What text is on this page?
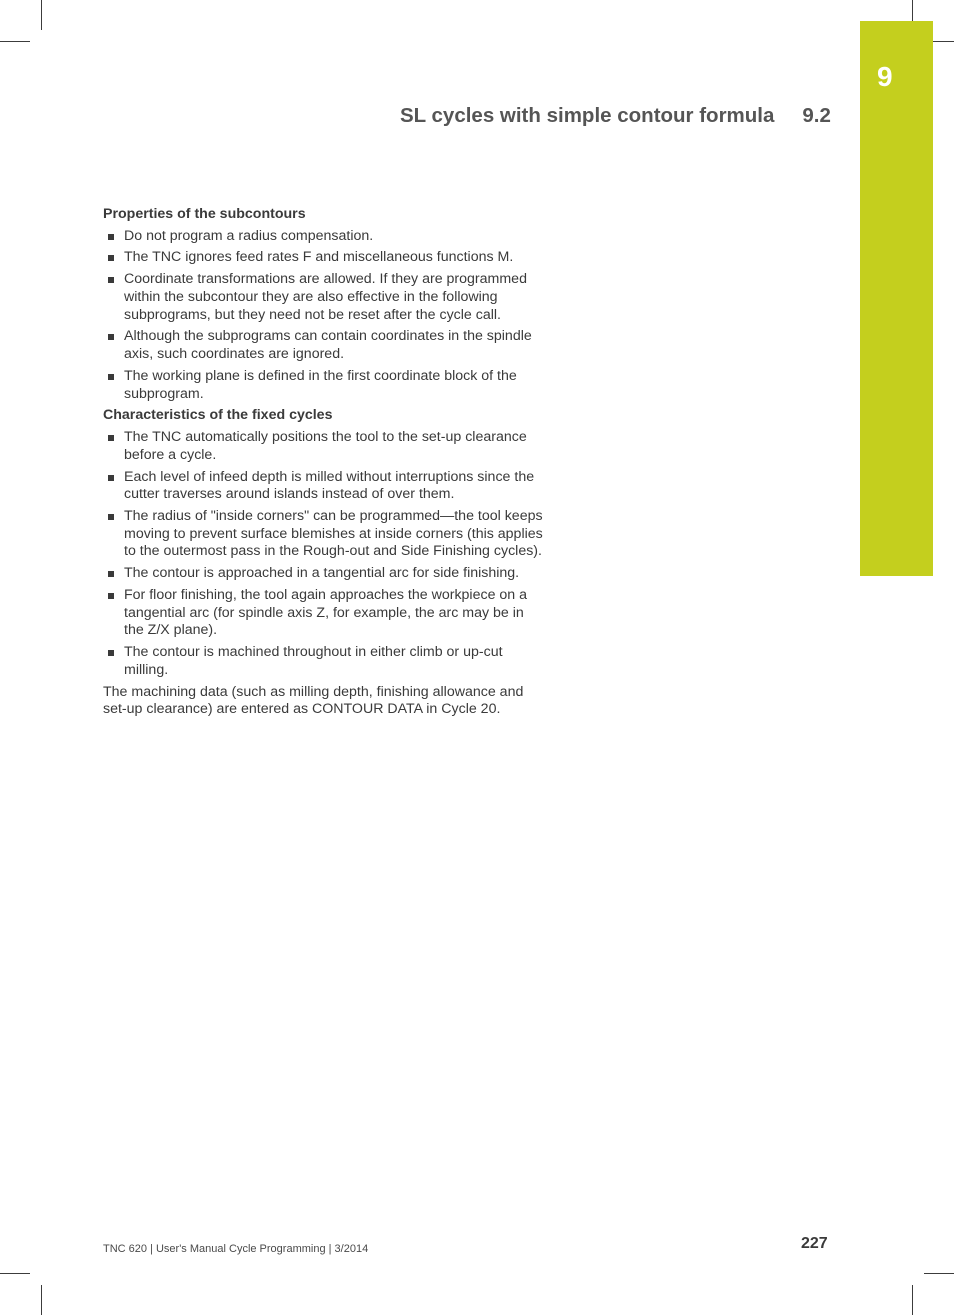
9
SL cycles with simple contour formula 9.2
Properties of the subcontours
Do not program a radius compensation.
The TNC ignores feed rates F and miscellaneous functions M.
Coordinate transformations are allowed. If they are programmed within the subcontour they are also effective in the following subprograms, but they need not be reset after the cycle call.
Although the subprograms can contain coordinates in the spindle axis, such coordinates are ignored.
The working plane is defined in the first coordinate block of the subprogram.
Characteristics of the fixed cycles
The TNC automatically positions the tool to the set-up clearance before a cycle.
Each level of infeed depth is milled without interruptions since the cutter traverses around islands instead of over them.
The radius of "inside corners" can be programmed—the tool keeps moving to prevent surface blemishes at inside corners (this applies to the outermost pass in the Rough-out and Side Finishing cycles).
The contour is approached in a tangential arc for side finishing.
For floor finishing, the tool again approaches the workpiece on a tangential arc (for spindle axis Z, for example, the arc may be in the Z/X plane).
The contour is machined throughout in either climb or up-cut milling.

The machining data (such as milling depth, finishing allowance and set-up clearance) are entered as CONTOUR DATA in Cycle 20.

TNC 620 | User's Manual Cycle Programming | 3/2014	227
